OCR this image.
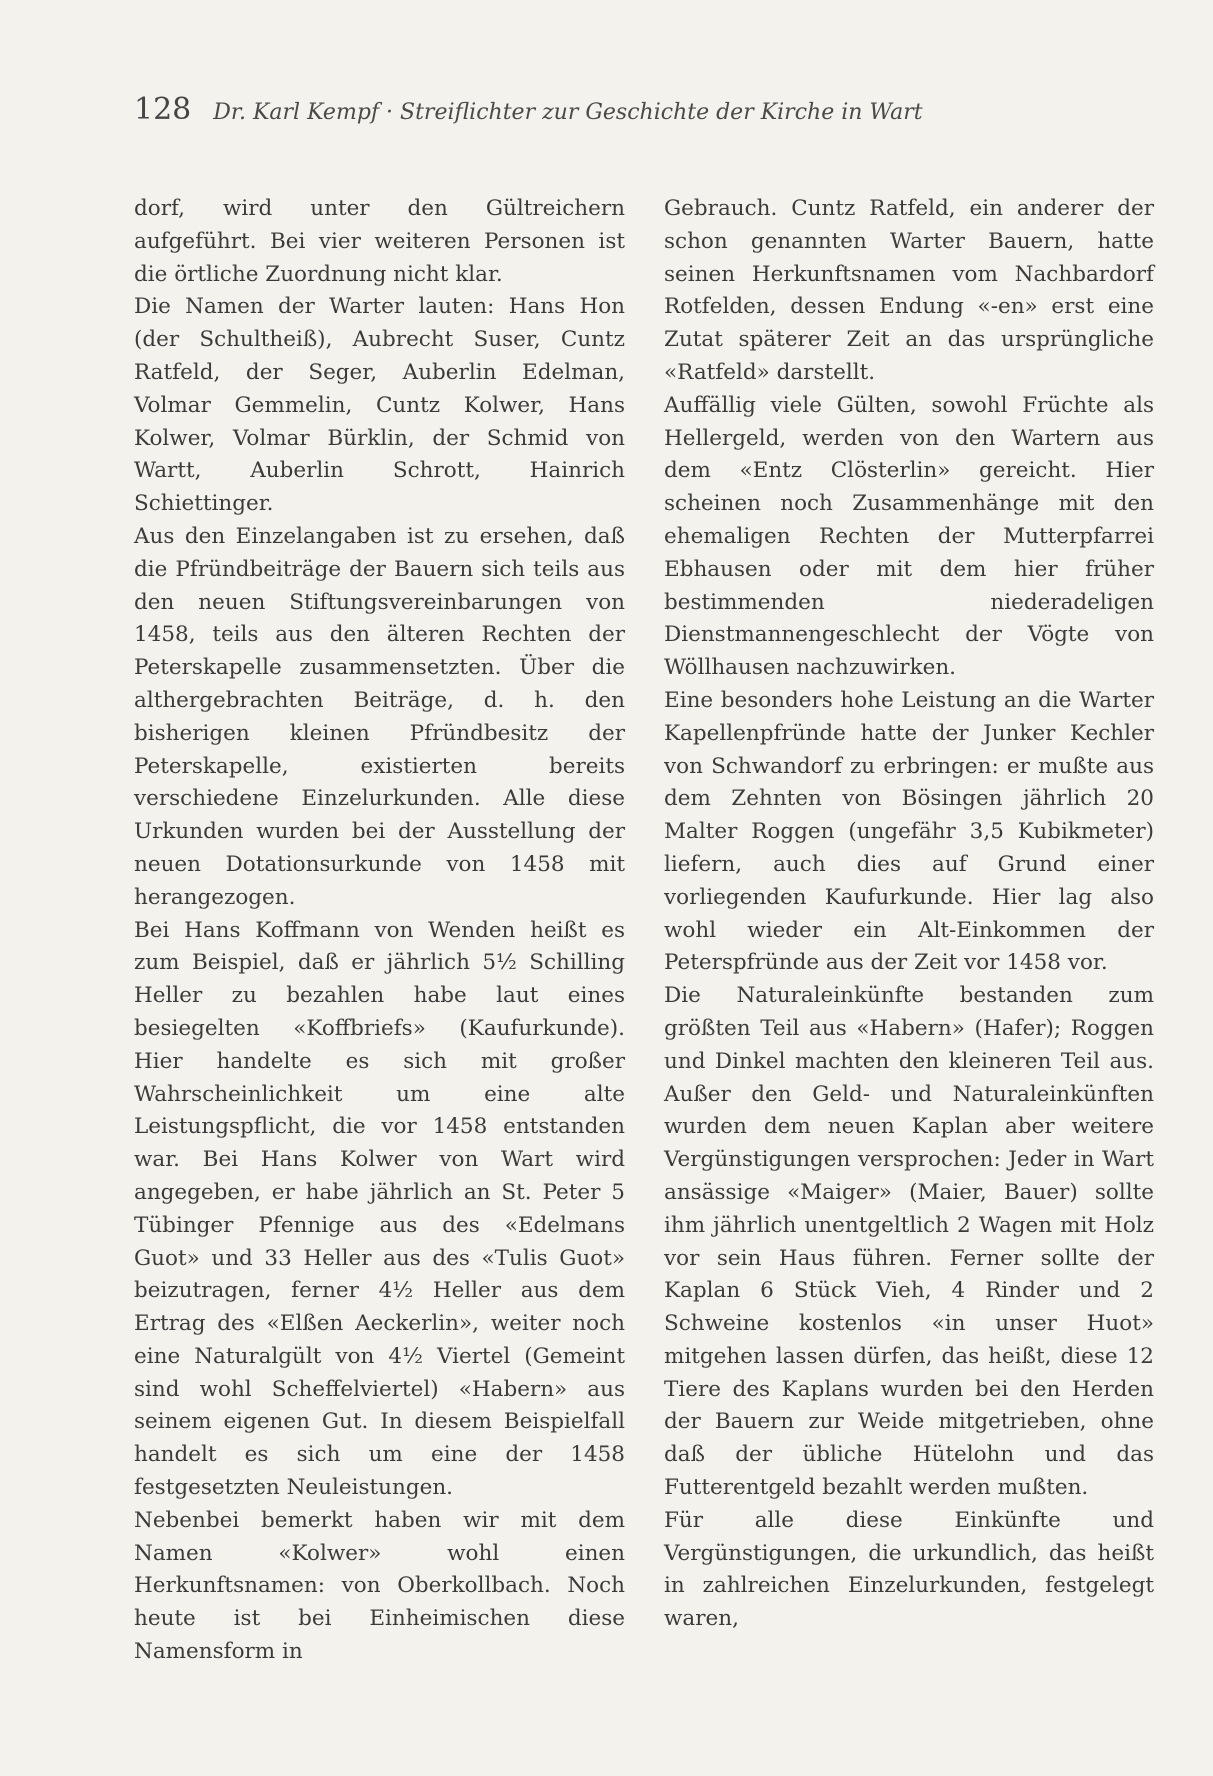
128 Dr. Karl Kempf · Streiflichter zur Geschichte der Kirche in Wart

dorf, wird unter den Gültreichern aufgeführt. Bei vier weiteren Personen ist die örtliche Zuordnung nicht klar.

Die Namen der Warter lauten: Hans Hon (der Schultheiß), Aubrecht Suser, Cuntz Ratfeld, der Seger, Auberlin Edelman, Volmar Gemmelin, Cuntz Kolwer, Hans Kolwer, Volmar Bürklin, der Schmid von Wartt, Auberlin Schrott, Hainrich Schiettinger.

Aus den Einzelangaben ist zu ersehen, daß die Pfründbeiträge der Bauern sich teils aus den neuen Stiftungsvereinbarungen von 1458, teils aus den älteren Rechten der Peterskapelle zusammensetzten. Über die althergebrachten Beiträge, d. h. den bisherigen kleinen Pfründbesitz der Peterskapelle, existierten bereits verschiedene Einzelurkunden. Alle diese Urkunden wurden bei der Ausstellung der neuen Dotationsurkunde von 1458 mit herangezogen.

Bei Hans Koffmann von Wenden heißt es zum Beispiel, daß er jährlich 5½ Schilling Heller zu bezahlen habe laut eines besiegelten «Koffbriefs» (Kaufurkunde). Hier handelte es sich mit großer Wahrscheinlichkeit um eine alte Leistungspflicht, die vor 1458 entstanden war. Bei Hans Kolwer von Wart wird angegeben, er habe jährlich an St. Peter 5 Tübinger Pfennige aus des «Edelmans Guot» und 33 Heller aus des «Tulis Guot» beizutragen, ferner 4½ Heller aus dem Ertrag des «Elßen Aeckerlin», weiter noch eine Naturalgült von 4½ Viertel (Gemeint sind wohl Scheffelviertel) «Habern» aus seinem eigenen Gut. In diesem Beispielfall handelt es sich um eine der 1458 festgesetzten Neuleistungen.

Nebenbei bemerkt haben wir mit dem Namen «Kolwer» wohl einen Herkunftsnamen: von Oberkollbach. Noch heute ist bei Einheimischen diese Namensform in

Gebrauch. Cuntz Ratfeld, ein anderer der schon genannten Warter Bauern, hatte seinen Herkunftsnamen vom Nachbardorf Rotfelden, dessen Endung «-en» erst eine Zutat späterer Zeit an das ursprüngliche «Ratfeld» darstellt.

Auffällig viele Gülten, sowohl Früchte als Hellergeld, werden von den Wartern aus dem «Entz Clösterlin» gereicht. Hier scheinen noch Zusammenhänge mit den ehemaligen Rechten der Mutterpfarrei Ebhausen oder mit dem hier früher bestimmenden niederadeligen Dienstmannengeschlecht der Vögte von Wöllhausen nachzuwirken.

Eine besonders hohe Leistung an die Warter Kapellenpfründe hatte der Junker Kechler von Schwandorf zu erbringen: er mußte aus dem Zehnten von Bösingen jährlich 20 Malter Roggen (ungefähr 3,5 Kubikmeter) liefern, auch dies auf Grund einer vorliegenden Kaufurkunde. Hier lag also wohl wieder ein Alt-Einkommen der Peterspfründe aus der Zeit vor 1458 vor.

Die Naturaleinkünfte bestanden zum größten Teil aus «Habern» (Hafer); Roggen und Dinkel machten den kleineren Teil aus. Außer den Geld- und Naturaleinkünften wurden dem neuen Kaplan aber weitere Vergünstigungen versprochen: Jeder in Wart ansässige «Maiger» (Maier, Bauer) sollte ihm jährlich unentgeltlich 2 Wagen mit Holz vor sein Haus führen. Ferner sollte der Kaplan 6 Stück Vieh, 4 Rinder und 2 Schweine kostenlos «in unser Huot» mitgehen lassen dürfen, das heißt, diese 12 Tiere des Kaplans wurden bei den Herden der Bauern zur Weide mitgetrieben, ohne daß der übliche Hütelohn und das Futterentgeld bezahlt werden mußten.

Für alle diese Einkünfte und Vergünstigungen, die urkundlich, das heißt in zahlreichen Einzelurkunden, festgelegt waren,
